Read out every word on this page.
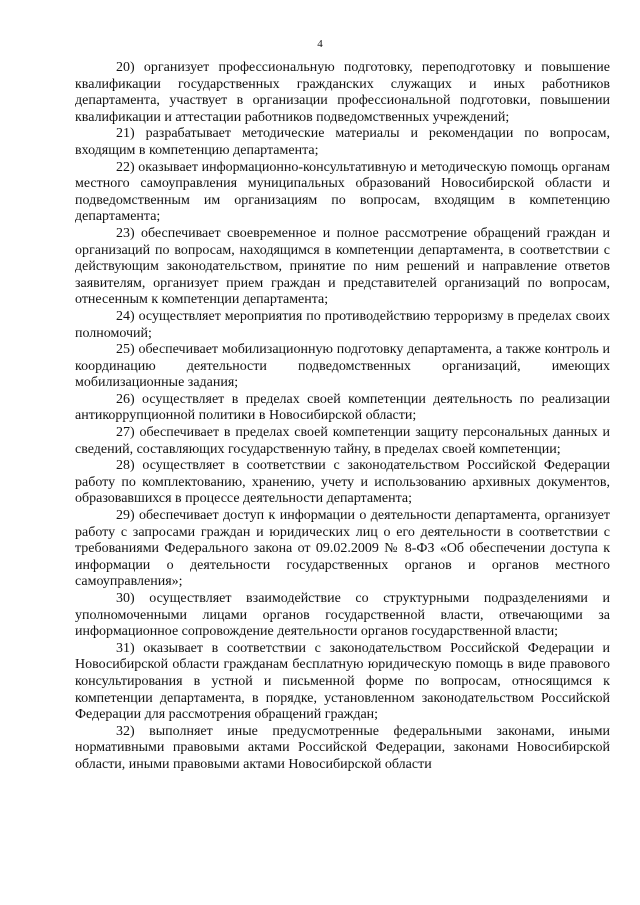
4

20) организует профессиональную подготовку, переподготовку и повышение квалификации государственных гражданских служащих и иных работников департамента, участвует в организации профессиональной подготовки, повышении квалификации и аттестации работников подведомственных учреждений;

21) разрабатывает методические материалы и рекомендации по вопросам, входящим в компетенцию департамента;

22) оказывает информационно-консультативную и методическую помощь органам местного самоуправления муниципальных образований Новосибирской области и подведомственным им организациям по вопросам, входящим в компетенцию департамента;

23) обеспечивает своевременное и полное рассмотрение обращений граждан и организаций по вопросам, находящимся в компетенции департамента, в соответствии с действующим законодательством, принятие по ним решений и направление ответов заявителям, организует прием граждан и представителей организаций по вопросам, отнесенным к компетенции департамента;

24) осуществляет мероприятия по противодействию терроризму в пределах своих полномочий;

25) обеспечивает мобилизационную подготовку департамента, а также контроль и координацию деятельности подведомственных организаций, имеющих мобилизационные задания;

26) осуществляет в пределах своей компетенции деятельность по реализации антикоррупционной политики в Новосибирской области;

27) обеспечивает в пределах своей компетенции защиту персональных данных и сведений, составляющих государственную тайну, в пределах своей компетенции;

28) осуществляет в соответствии с законодательством Российской Федерации работу по комплектованию, хранению, учету и использованию архивных документов, образовавшихся в процессе деятельности департамента;

29) обеспечивает доступ к информации о деятельности департамента, организует работу с запросами граждан и юридических лиц о его деятельности в соответствии с требованиями Федерального закона от 09.02.2009 № 8-ФЗ «Об обеспечении доступа к информации о деятельности государственных органов и органов местного самоуправления»;

30) осуществляет взаимодействие со структурными подразделениями и уполномоченными лицами органов государственной власти, отвечающими за информационное сопровождение деятельности органов государственной власти;

31) оказывает в соответствии с законодательством Российской Федерации и Новосибирской области гражданам бесплатную юридическую помощь в виде правового консультирования в устной и письменной форме по вопросам, относящимся к компетенции департамента, в порядке, установленном законодательством Российской Федерации для рассмотрения обращений граждан;

32) выполняет иные предусмотренные федеральными законами, иными нормативными правовыми актами Российской Федерации, законами Новосибирской области, иными правовыми актами Новосибирской области
